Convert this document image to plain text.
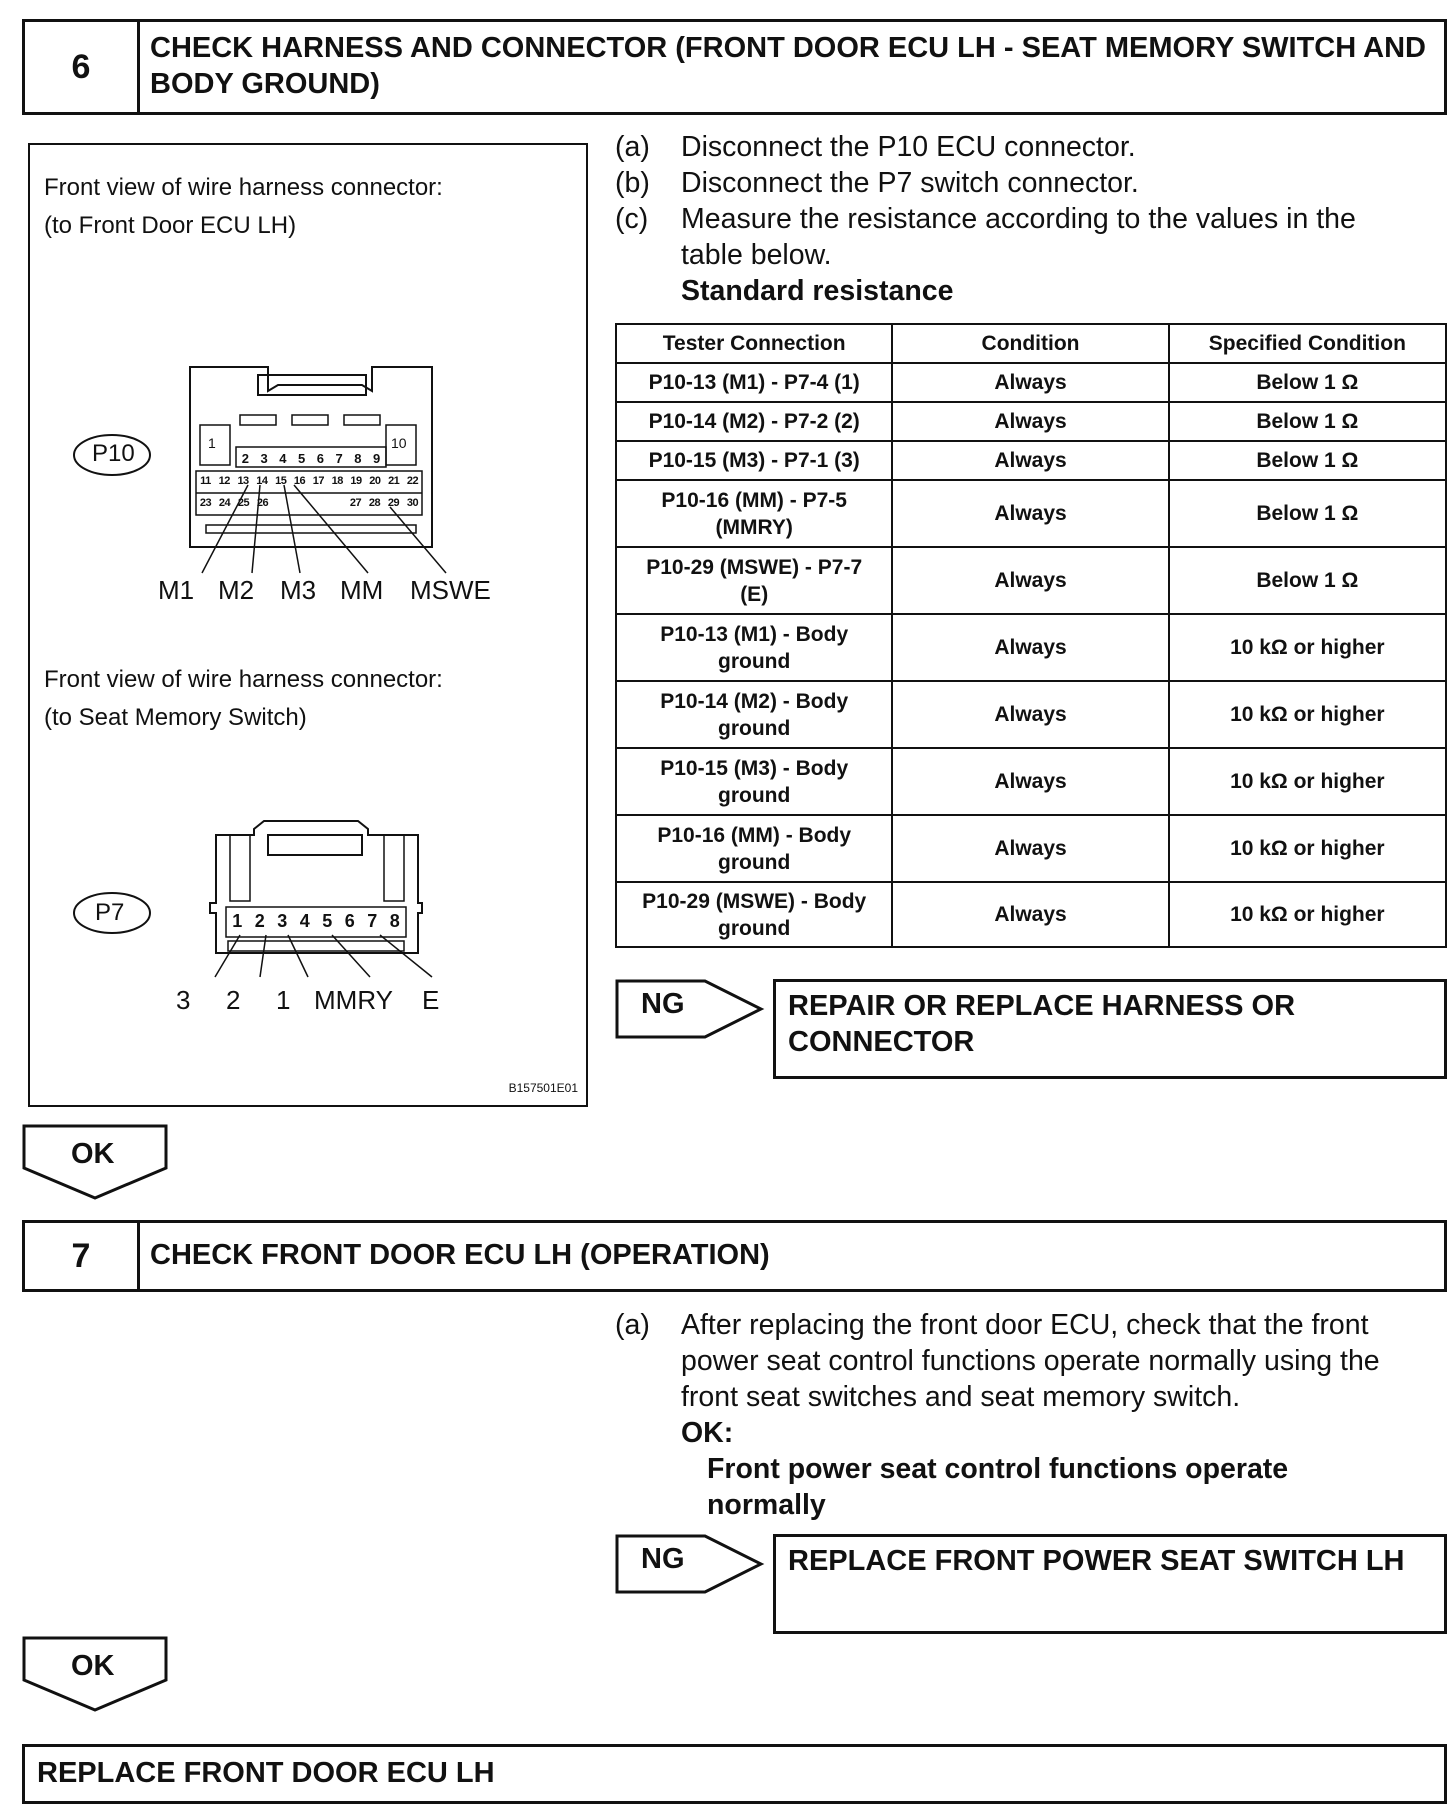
6	CHECK HARNESS AND CONNECTOR (FRONT DOOR ECU LH - SEAT MEMORY SWITCH AND BODY GROUND)
Front view of wire harness connector:
(to Front Door ECU LH)
P10	1	10
2 3 4 5 6 7 8 9
11 12 13 14 15 16 17 18 19 20 21 22
23 24 25 26	27 28 29 30
M1 M2 M3 MM MSWE
Front view of wire harness connector:
(to Seat Memory Switch)
P7	1 2 3 4 5 6 7 8
3 2 1 MMRY E
B157501E01
(a)	Disconnect the P10 ECU connector.
(b)	Disconnect the P7 switch connector.
(c)	Measure the resistance according to the values in the
table below.
Standard resistance
Tester Connection	Condition	Specified Condition
P10-13 (M1) - P7-4 (1)	Always	Below 1 Ω
P10-14 (M2) - P7-2 (2)	Always	Below 1 Ω
P10-15 (M3) - P7-1 (3)	Always	Below 1 Ω

P10-16 (MM) - P7-5
(MMRY)	Always	Below 1 Ω

P10-29 (MSWE) - P7-7
(E)	Always	Below 1 Ω

P10-13 (M1) - Body
ground	Always	10 kΩ or higher

P10-14 (M2) - Body
ground	Always	10 kΩ or higher

P10-15 (M3) - Body
ground	Always	10 kΩ or higher

P10-16 (MM) - Body
ground	Always	10 kΩ or higher

P10-29 (MSWE) - Body
ground	Always	10 kΩ or higher
NG	REPAIR OR REPLACE HARNESS OR
CONNECTOR
OK
7	CHECK FRONT DOOR ECU LH (OPERATION)
(a)	After replacing the front door ECU, check that the front
power seat control functions operate normally using the
front seat switches and seat memory switch.
OK:
Front power seat control functions operate
normally
NG	REPLACE FRONT POWER SEAT SWITCH LH
OK
REPLACE FRONT DOOR ECU LH
